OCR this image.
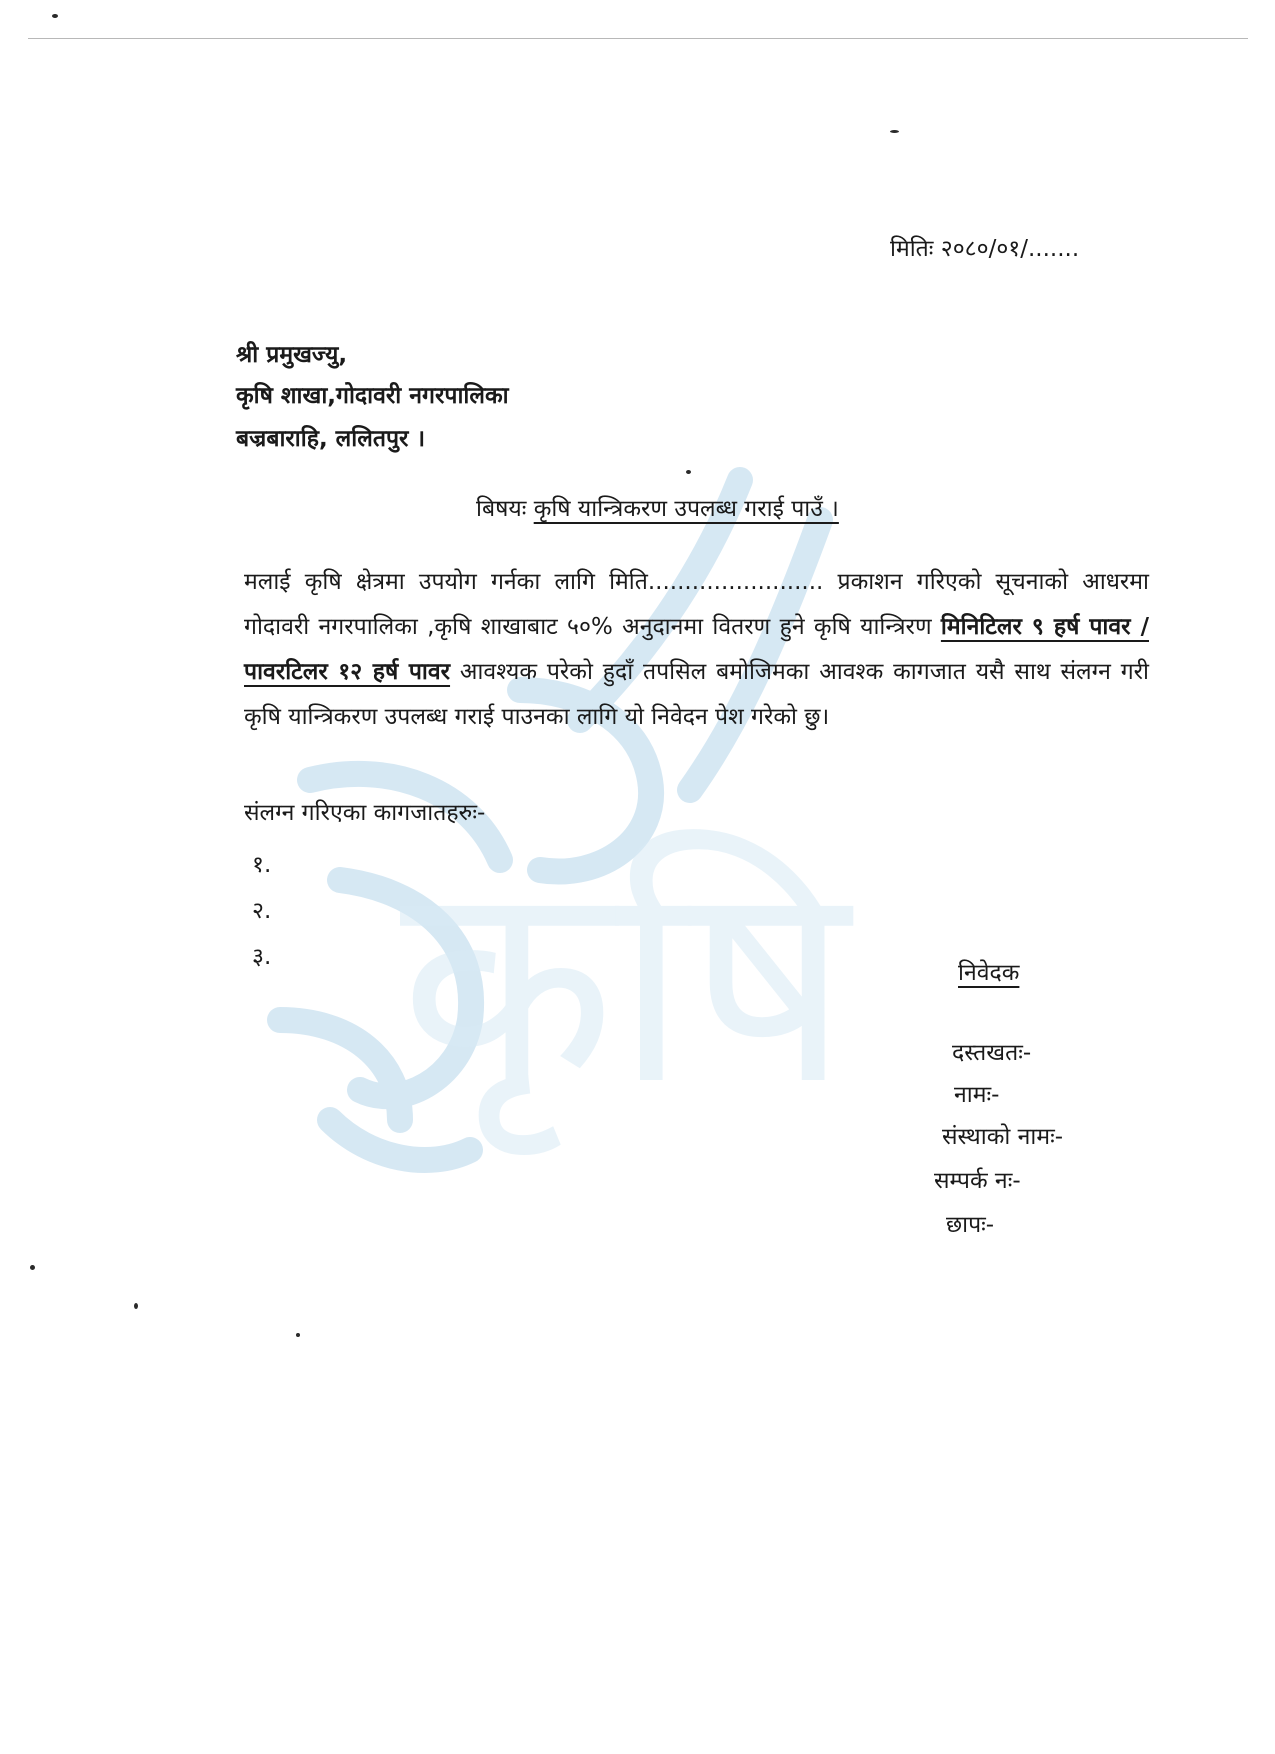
कृषि
मितिः २०८०/०१/.......
श्री प्रमुखज्यु,
कृषि शाखा,गोदावरी नगरपालिका
बज्रबाराहि, ललितपुर ।
बिषयः कृषि यान्त्रिकरण उपलब्ध गराई पाउँ ।
मलाई कृषि क्षेत्रमा उपयोग गर्नका लागि मिति........................ प्रकाशन गरिएको सूचनाको आधरमा गोदावरी नगरपालिका ,कृषि शाखाबाट ५०% अनुदानमा वितरण हुने कृषि यान्त्रिरण मिनिटिलर ९ हर्ष पावर / पावरटिलर १२ हर्ष पावर आवश्यक परेको हुदाँ तपसिल बमोजिमका आवश्क कागजात यसै साथ संलग्न गरी कृषि यान्त्रिकरण उपलब्ध गराई पाउनका लागि यो निवेदन पेश गरेको छु।
संलग्न गरिएका कागजातहरुः-
१.
२.
३.
निवेदक
दस्तखतः-
नामः-
संस्थाको नामः-
सम्पर्क नः-
छापः-
